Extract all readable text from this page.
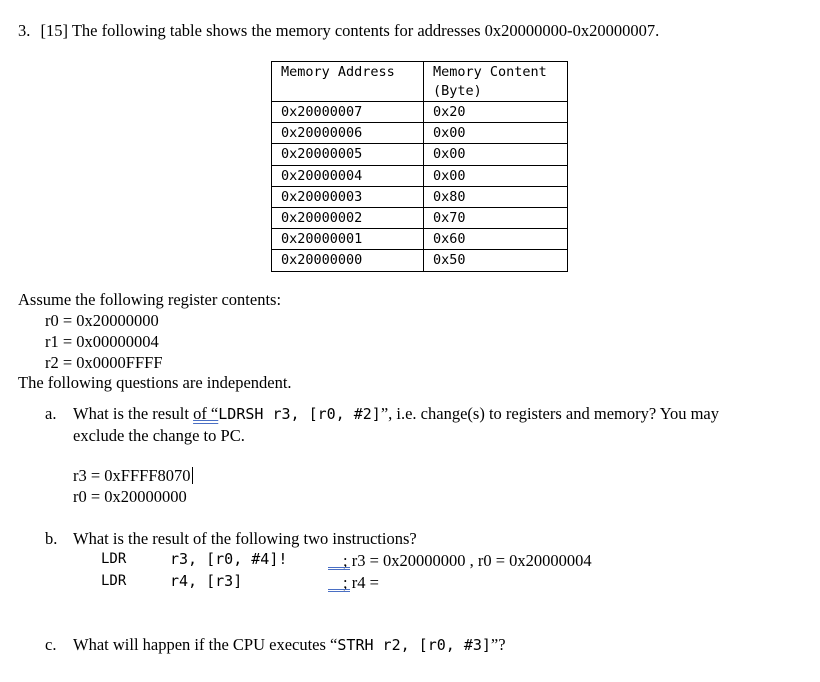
3. [15] The following table shows the memory contents for addresses 0x20000000-0x20000007.
Memory Address	Memory Content
(Byte)

0x20000007	0x20
0x20000006	0x00
0x20000005	0x00
0x20000004	0x00
0x20000003	0x80
0x20000002	0x70
0x20000001	0x60
0x20000000	0x50
Assume the following register contents:
r0 = 0x20000000
r1 = 0x00000004
r2 = 0x0000FFFF
The following questions are independent.
a. What is the result of “LDRSH r3, [r0, #2]”, i.e. change(s) to registers and memory? You may
exclude the change to PC.
r3 = 0xFFFF8070
r0 = 0x20000000
b. What is the result of the following two instructions?
LDR	r3, [r0, #4]!	; r3 = 0x20000000 , r0 = 0x20000004
LDR	r4, [r3]	; r4 =
c. What will happen if the CPU executes “STRH r2, [r0, #3]”?
